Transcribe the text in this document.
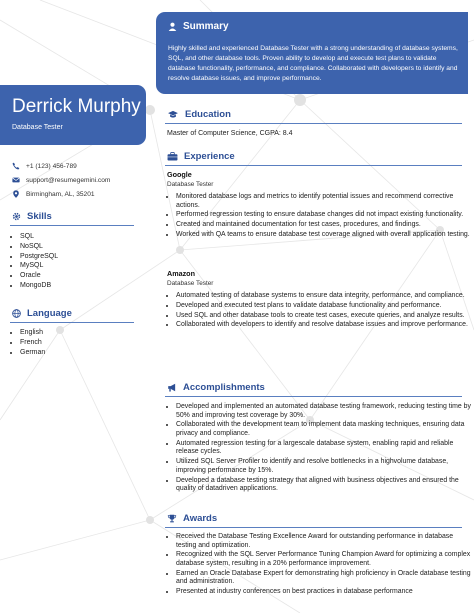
Summary
Highly skilled and experienced Database Tester with a strong understanding of database systems, SQL, and other database tools. Proven ability to develop and execute test plans to validate database functionality, performance, and compliance. Collaborated with developers to identify and resolve database issues, and improve performance.
Derrick Murphy
Database Tester
+1 (123) 456-789
support@resumegemini.com
Birmingham, AL, 35201
Skills
• SQL
• NoSQL
• PostgreSQL
• MySQL
• Oracle
• MongoDB
Language
• English
• French
• German
Education
Master of Computer Science, CGPA: 8.4
Experience
Google
Database Tester
• Monitored database logs and metrics to identify potential issues and recommend corrective actions.
• Performed regression testing to ensure database changes did not impact existing functionality.
• Created and maintained documentation for test cases, procedures, and findings.
• Worked with QA teams to ensure database test coverage aligned with overall application testing.
Amazon
Database Tester
• Automated testing of database systems to ensure data integrity, performance, and compliance.
• Developed and executed test plans to validate database functionality and performance.
• Used SQL and other database tools to create test cases, execute queries, and analyze results.
• Collaborated with developers to identify and resolve database issues and improve performance.
Accomplishments
• Developed and implemented an automated database testing framework, reducing testing time by 50% and improving test coverage by 30%.
• Collaborated with the development team to implement data masking techniques, ensuring data privacy and compliance.
• Automated regression testing for a largescale database system, enabling rapid and reliable release cycles.
• Utilized SQL Server Profiler to identify and resolve bottlenecks in a highvolume database, improving performance by 15%.
• Developed a database testing strategy that aligned with business objectives and ensured the quality of datadriven applications.
Awards
• Received the Database Testing Excellence Award for outstanding performance in database testing and optimization.
• Recognized with the SQL Server Performance Tuning Champion Award for optimizing a complex database system, resulting in a 20% performance improvement.
• Earned an Oracle Database Expert for demonstrating high proficiency in Oracle database testing and administration.
• Presented at industry conferences on best practices in database performance
